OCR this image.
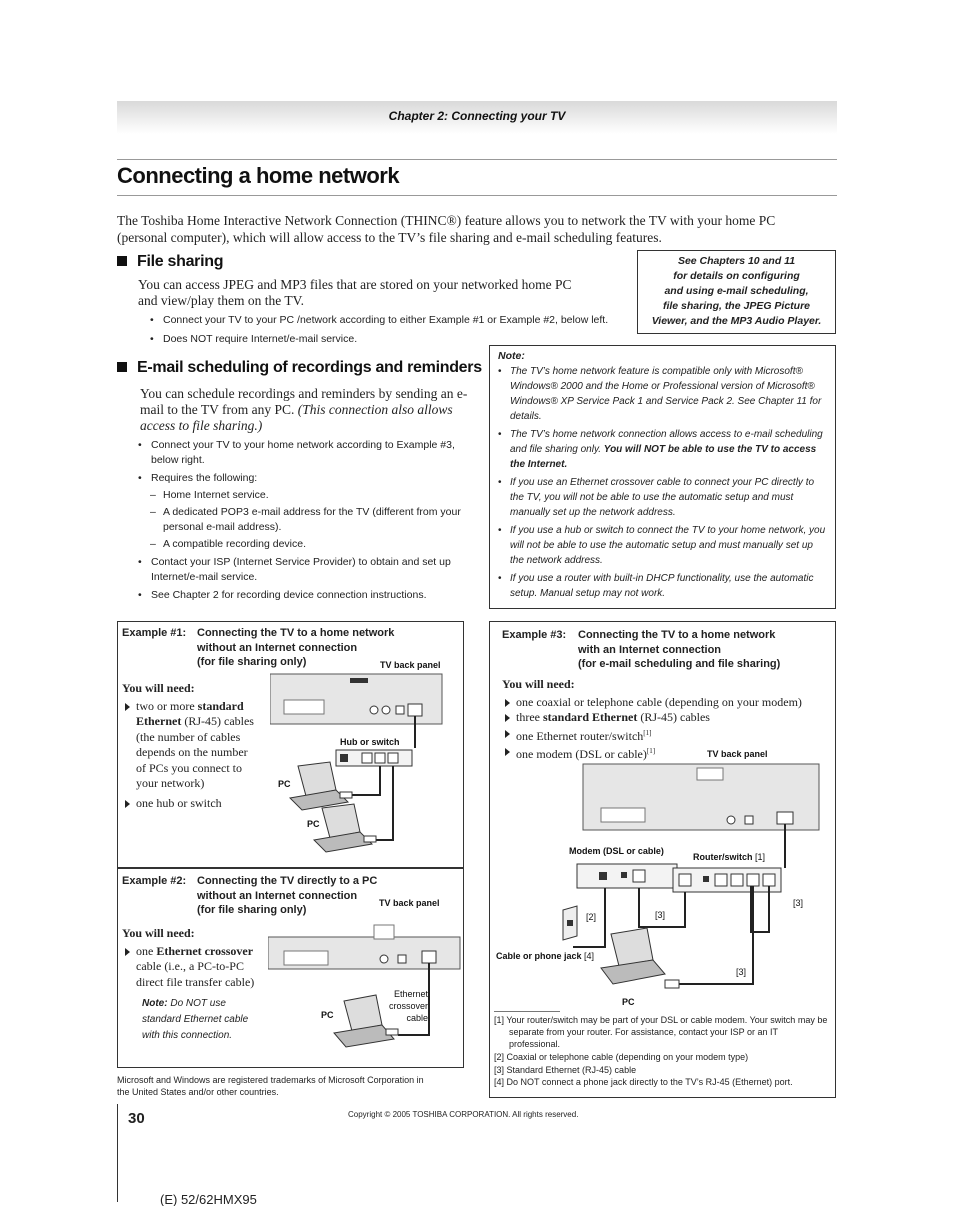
Chapter 2: Connecting your TV
Connecting a home network
The Toshiba Home Interactive Network Connection (THINC®) feature allows you to network the TV with your home PC (personal computer), which will allow access to the TV’s file sharing and e-mail scheduling features.
File sharing
You can access JPEG and MP3 files that are stored on your networked home PC and view/play them on the TV.
• Connect your TV to your PC /network according to either Example #1 or Example #2, below left.
• Does NOT require Internet/e-mail service.
See Chapters 10 and 11
for details on configuring
and using e-mail scheduling,
file sharing, the JPEG Picture
Viewer, and the MP3 Audio Player.
E-mail scheduling of recordings and reminders
You can schedule recordings and reminders by sending an e-mail to the TV from any PC. (This connection also allows access to file sharing.)
• Connect your TV to your home network according to Example #3, below right.
• Requires the following:
– Home Internet service.
– A dedicated POP3 e-mail address for the TV (different from your personal e-mail address).
– A compatible recording device.
• Contact your ISP (Internet Service Provider) to obtain and set up Internet/e-mail service.
• See Chapter 2 for recording device connection instructions.
Note:
• The TV’s home network feature is compatible only with Microsoft® Windows® 2000 and the Home or Professional version of Microsoft® Windows® XP Service Pack 1 and Service Pack 2. See Chapter 11 for details.
• The TV’s home network connection allows access to e-mail scheduling and file sharing only. You will NOT be able to use the TV to access the Internet.
• If you use an Ethernet crossover cable to connect your PC directly to the TV, you will not be able to use the automatic setup and must manually set up the network address.
• If you use a hub or switch to connect the TV to your home network, you will not be able to use the automatic setup and must manually set up the network address.
• If you use a router with built-in DHCP functionality, use the automatic setup. Manual setup may not work.
Example #1: Connecting the TV to a home network
without an Internet connection
(for file sharing only)
You will need:
two or more standard Ethernet (RJ-45) cables (the number of cables depends on the number of PCs you connect to your network)
one hub or switch
TV back panel
Hub or switch
PC
PC
Example #2: Connecting the TV directly to a PC
without an Internet connection
(for file sharing only)
You will need:
one Ethernet crossover cable (i.e., a PC-to-PC direct file transfer cable)
Note: Do NOT use standard Ethernet cable with this connection.
TV back panel
Ethernet crossover cable
PC
Example #3: Connecting the TV to a home network
with an Internet connection
(for e-mail scheduling and file sharing)
You will need:
one coaxial or telephone cable (depending on your modem)
three standard Ethernet (RJ-45) cables
one Ethernet router/switch[1]
one modem (DSL or cable)[1]	TV back panel
Modem (DSL or cable)
Router/switch [1]
Cable or phone jack [4]
PC
[2]	[3]
[3]
[3]
[1] Your router/switch may be part of your DSL or cable modem. Your switch may be separate from your router. For assistance, contact your ISP or an IT professional.
[2] Coaxial or telephone cable (depending on your modem type)
[3] Standard Ethernet (RJ-45) cable
[4] Do NOT connect a phone jack directly to the TV’s RJ-45 (Ethernet) port.
Microsoft and Windows are registered trademarks of Microsoft Corporation in the United States and/or other countries.
30	Copyright © 2005 TOSHIBA CORPORATION. All rights reserved.
(E) 52/62HMX95
